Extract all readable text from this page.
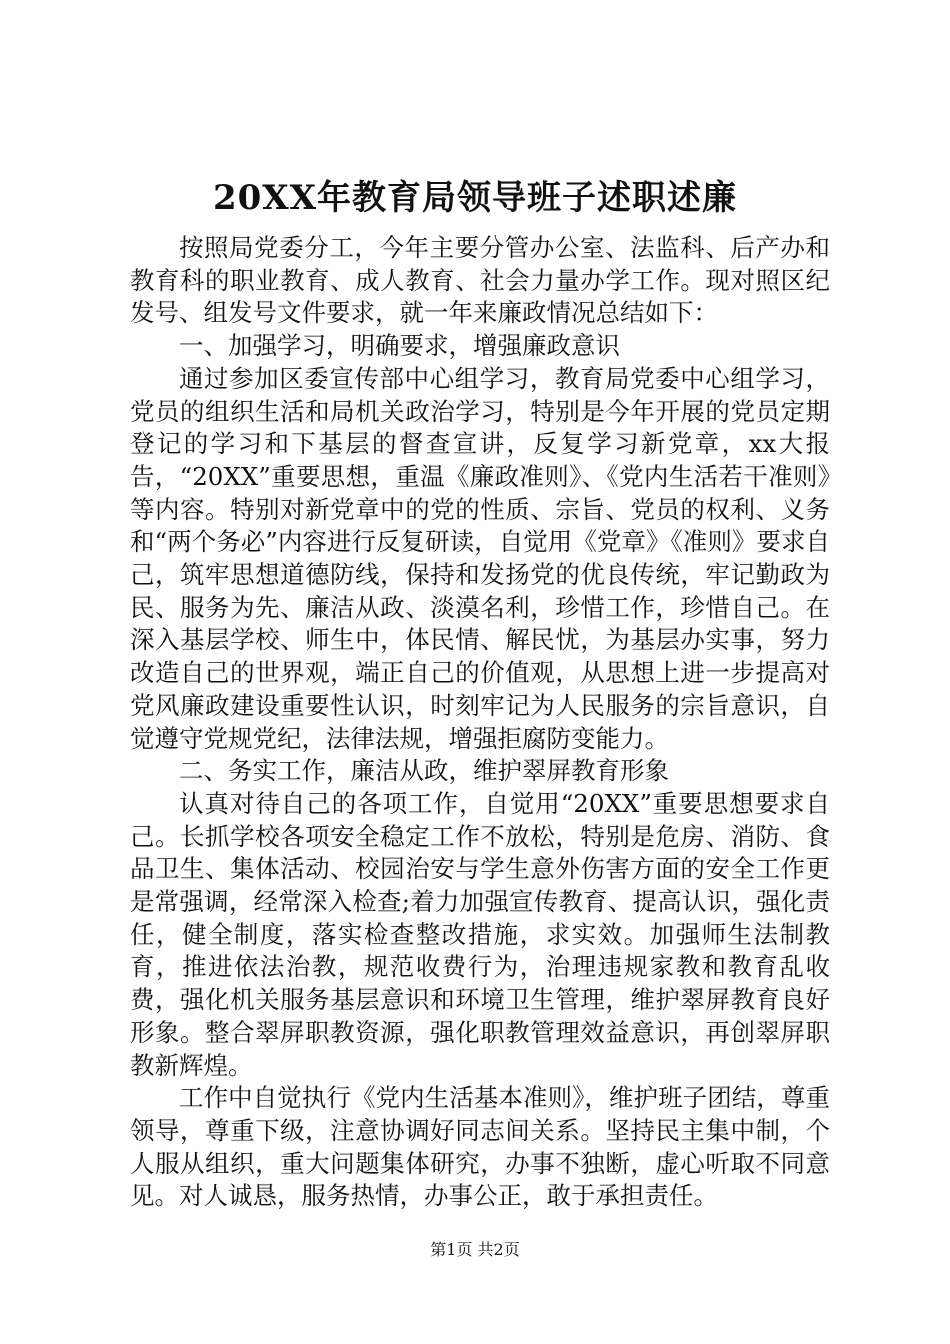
20XX年教育局领导班子述职述廉

按照局党委分工，今年主要分管办公室、法监科、后产办和教育科的职业教育、成人教育、社会力量办学工作。现对照区纪发号、组发号文件要求，就一年来廉政情况总结如下：

一、加强学习，明确要求，增强廉政意识

通过参加区委宣传部中心组学习，教育局党委中心组学习，党员的组织生活和局机关政治学习，特别是今年开展的党员定期登记的学习和下基层的督查宣讲，反复学习新党章，xx大报告，“20XX”重要思想，重温《廉政准则》、《党内生活若干准则》等内容。特别对新党章中的党的性质、宗旨、党员的权利、义务和“两个务必”内容进行反复研读，自觉用《党章》《准则》要求自己，筑牢思想道德防线，保持和发扬党的优良传统，牢记勤政为民、服务为先、廉洁从政、淡漠名利，珍惜工作，珍惜自己。在深入基层学校、师生中，体民情、解民忧，为基层办实事，努力改造自己的世界观，端正自己的价值观，从思想上进一步提高对党风廉政建设重要性认识，时刻牢记为人民服务的宗旨意识，自觉遵守党规党纪，法律法规，增强拒腐防变能力。

二、务实工作，廉洁从政，维护翠屏教育形象

认真对待自己的各项工作，自觉用“20XX”重要思想要求自己。长抓学校各项安全稳定工作不放松，特别是危房、消防、食品卫生、集体活动、校园治安与学生意外伤害方面的安全工作更是常强调，经常深入检查;着力加强宣传教育、提高认识，强化责任，健全制度，落实检查整改措施，求实效。加强师生法制教育，推进依法治教，规范收费行为，治理违规家教和教育乱收费，强化机关服务基层意识和环境卫生管理，维护翠屏教育良好形象。整合翠屏职教资源，强化职教管理效益意识，再创翠屏职教新辉煌。

工作中自觉执行《党内生活基本准则》，维护班子团结，尊重领导，尊重下级，注意协调好同志间关系。坚持民主集中制，个人服从组织，重大问题集体研究，办事不独断，虚心听取不同意见。对人诚恳，服务热情，办事公正，敢于承担责任。

第1页 共2页
